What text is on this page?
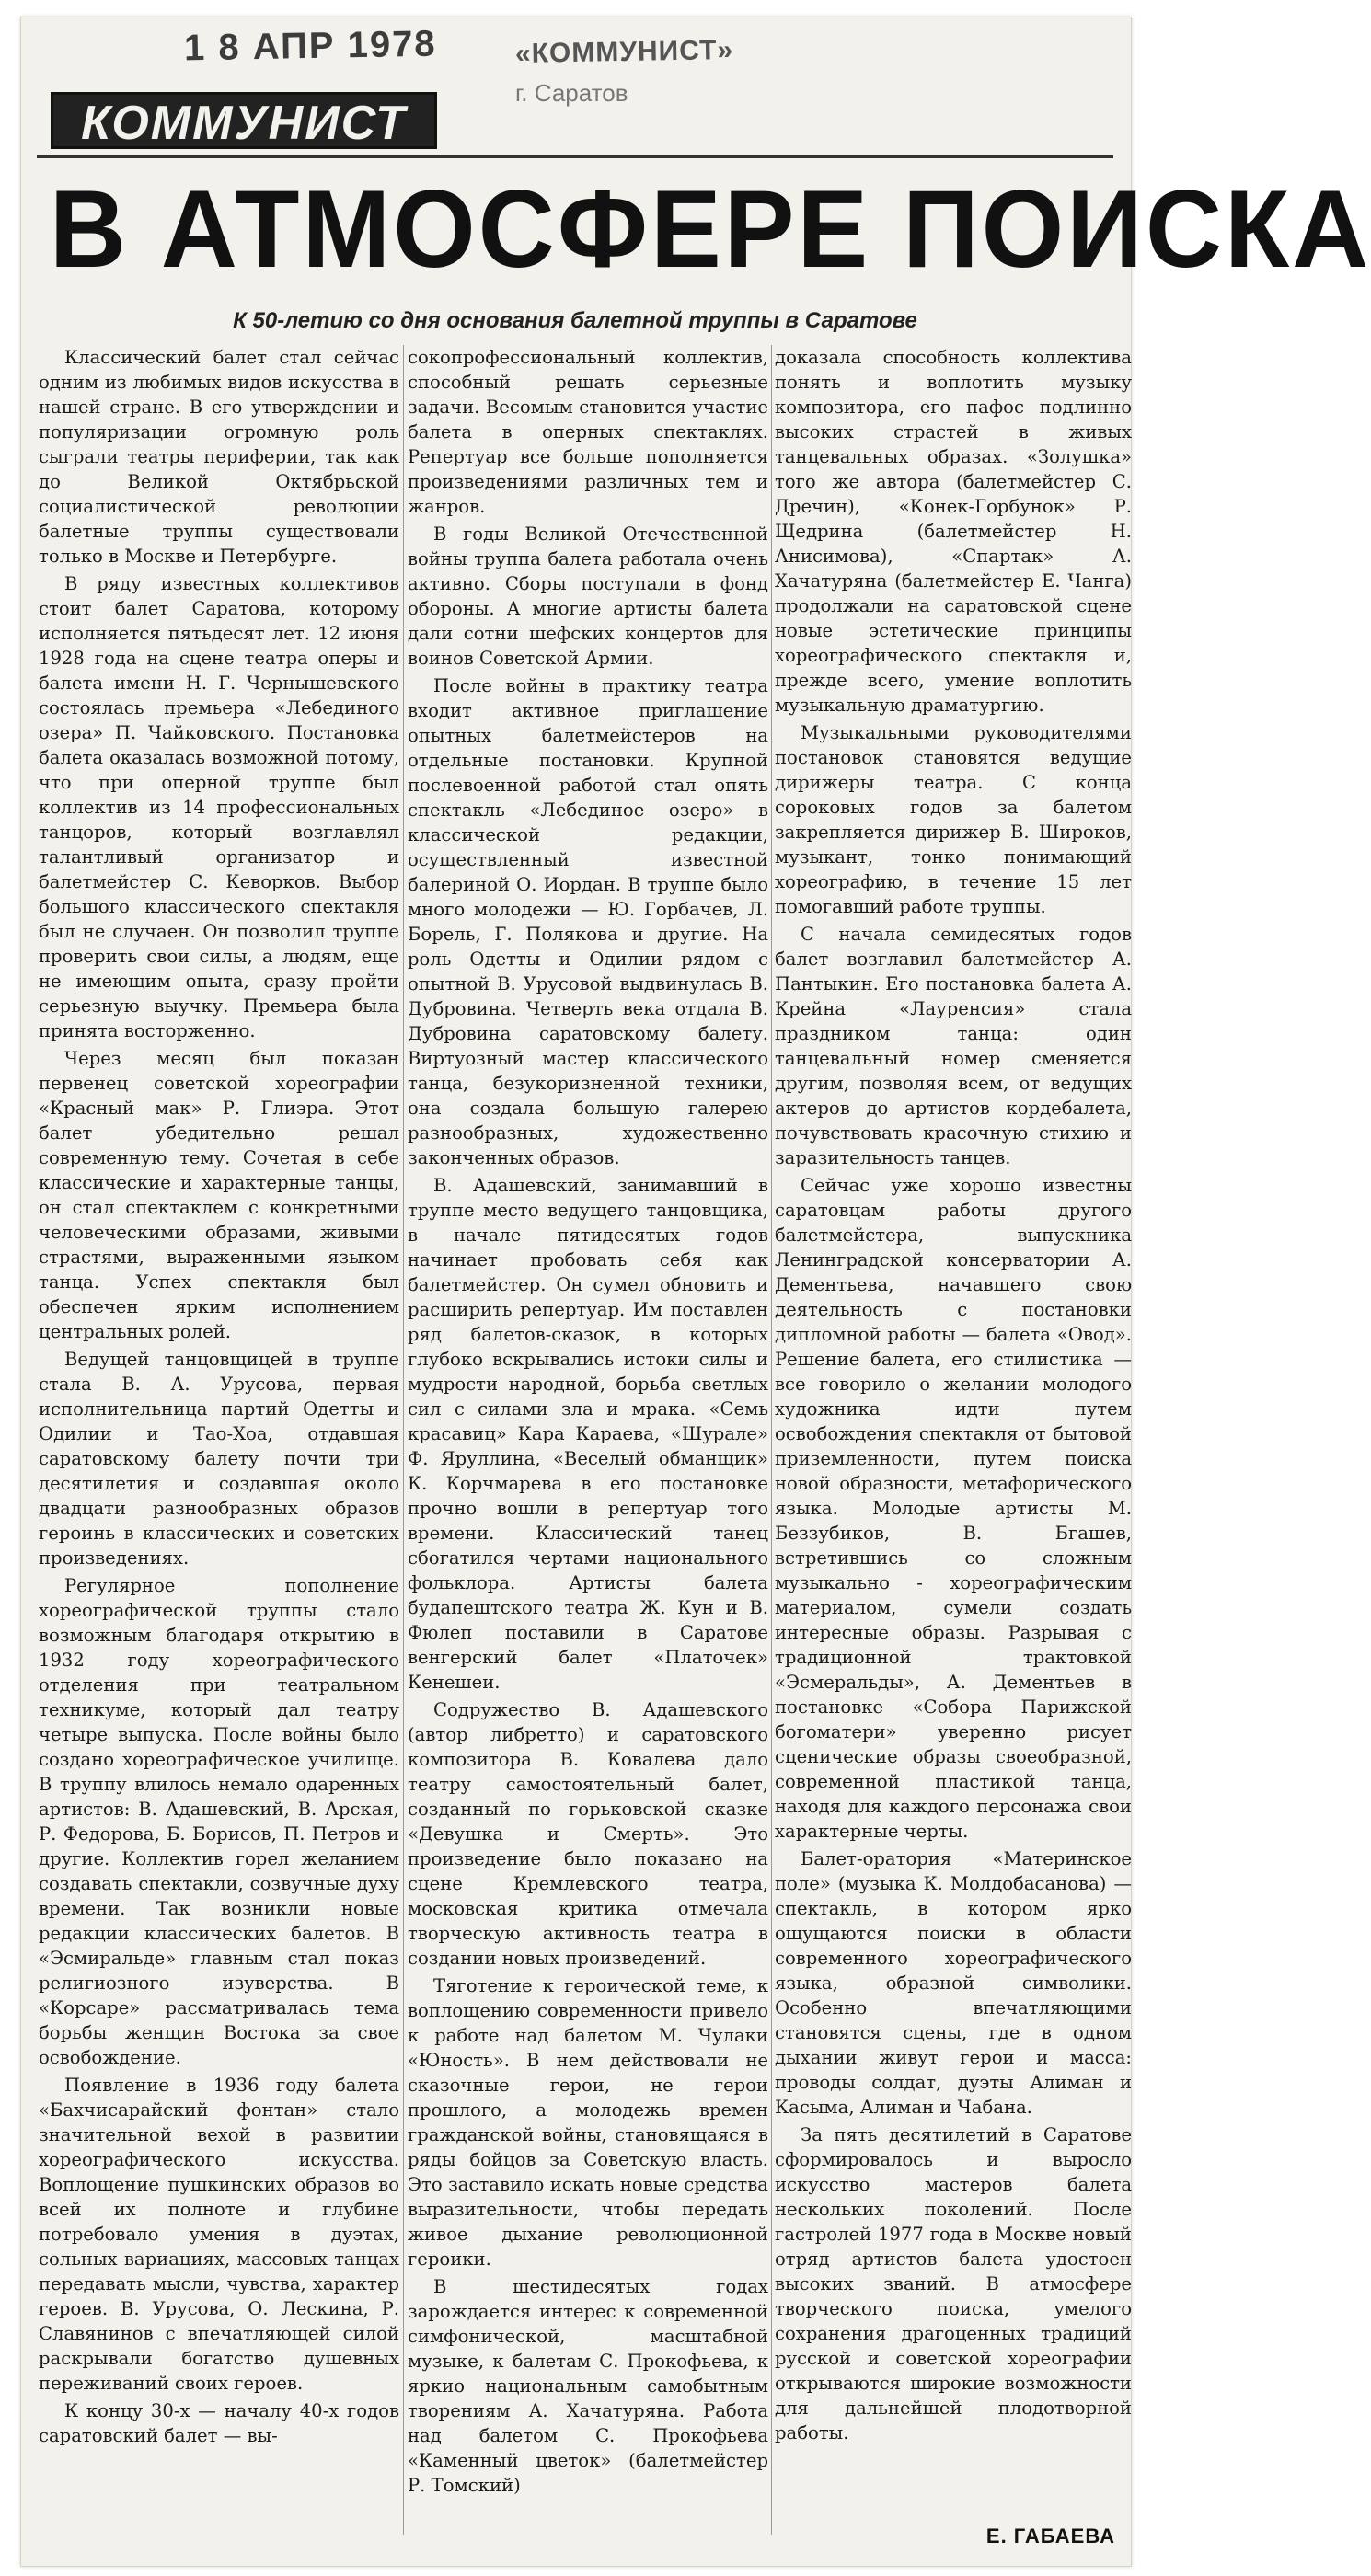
1 8 АПР 1978	«КОММУНИСТ»
г. Саратов
КОММУНИСТ
В АТМОСФЕРЕ ПОИСКА
К 50-летию со дня основания балетной труппы в Саратове

Классический балет стал сейчас одним из любимых видов искусства в нашей стране. В его утверждении и популяризации огромную роль сыграли театры периферии, так как до Великой Октябрьской социалистической революции балетные труппы существовали только в Москве и Петербурге.

В ряду известных коллективов стоит балет Саратова, которому исполняется пятьдесят лет. 12 июня 1928 года на сцене театра оперы и балета имени Н. Г. Чернышевского состоялась премьера «Лебединого озера» П. Чайковского. Постановка балета оказалась возможной потому, что при оперной труппе был коллектив из 14 профессиональных танцоров, который возглавлял талантливый организатор и балетмейстер С. Кеворков. Выбор большого классического спектакля был не случаен. Он позволил труппе проверить свои силы, а людям, еще не имеющим опыта, сразу пройти серьезную выучку. Премьера была принята восторженно.

Через месяц был показан первенец советской хореографии «Красный мак» Р. Глиэра. Этот балет убедительно решал современную тему. Сочетая в себе классические и характерные танцы, он стал спектаклем с конкретными человеческими образами, живыми страстями, выраженными языком танца. Успех спектакля был обеспечен ярким исполнением центральных ролей.

Ведущей танцовщицей в труппе стала В. А. Урусова, первая исполнительница партий Одетты и Одилии и Тао-Хоа, отдавшая саратовскому балету почти три десятилетия и создавшая около двадцати разнообразных образов героинь в классических и советских произведениях.

Регулярное пополнение хореографической труппы стало возможным благодаря открытию в 1932 году хореографического отделения при театральном техникуме, который дал театру четыре выпуска. После войны было создано хореографическое училище. В труппу влилось немало одаренных артистов: В. Адашевский, В. Арская, Р. Федорова, Б. Борисов, П. Петров и другие. Коллектив горел желанием создавать спектакли, созвучные духу времени. Так возникли новые редакции классических балетов. В «Эсмиральде» главным стал показ религиозного изуверства. В «Корсаре» рассматривалась тема борьбы женщин Востока за свое освобождение.

Появление в 1936 году балета «Бахчисарайский фонтан» стало значительной вехой в развитии хореографического искусства. Воплощение пушкинских образов во всей их полноте и глубине потребовало умения в дуэтах, сольных вариациях, массовых танцах передавать мысли, чувства, характер героев. В. Урусова, О. Лескина, Р. Славянинов с впечатляющей силой раскрывали богатство душевных переживаний своих героев.

К концу 30-х — началу 40-х годов саратовский балет — вы-

сокопрофессиональный коллектив, способный решать серьезные задачи. Весомым становится участие балета в оперных спектаклях. Репертуар все больше пополняется произведениями различных тем и жанров.

В годы Великой Отечественной войны труппа балета работала очень активно. Сборы поступали в фонд обороны. А многие артисты балета дали сотни шефских концертов для воинов Советской Армии.

После войны в практику театра входит активное приглашение опытных балетмейстеров на отдельные постановки. Крупной послевоенной работой стал опять спектакль «Лебединое озеро» в классической редакции, осуществленный известной балериной О. Иордан. В труппе было много молодежи — Ю. Горбачев, Л. Борель, Г. Полякова и другие. На роль Одетты и Одилии рядом с опытной В. Урусовой выдвинулась В. Дубровина. Четверть века отдала В. Дубровина саратовскому балету. Виртуозный мастер классического танца, безукоризненной техники, она создала большую галерею разнообразных, художественно законченных образов.

В. Адашевский, занимавший в труппе место ведущего танцовщика, в начале пятидесятых годов начинает пробовать себя как балетмейстер. Он сумел обновить и расширить репертуар. Им поставлен ряд балетов-сказок, в которых глубоко вскрывались истоки силы и мудрости народной, борьба светлых сил с силами зла и мрака. «Семь красавиц» Кара Караева, «Шурале» Ф. Яруллина, «Веселый обманщик» К. Корчмарева в его постановке прочно вошли в репертуар того времени. Классический танец сбогатился чертами национального фольклора. Артисты балета будапештского театра Ж. Кун и В. Фюлеп поставили в Саратове венгерский балет «Платочек» Кенешеи.

Содружество В. Адашевского (автор либретто) и саратовского композитора В. Ковалева дало театру самостоятельный балет, созданный по горьковской сказке «Девушка и Смерть». Это произведение было показано на сцене Кремлевского театра, московская критика отмечала творческую активность театра в создании новых произведений.

Тяготение к героической теме, к воплощению современности привело к работе над балетом М. Чулаки «Юность». В нем действовали не сказочные герои, не герои прошлого, а молодежь времен гражданской войны, становящаяся в ряды бойцов за Советскую власть. Это заставило искать новые средства выразительности, чтобы передать живое дыхание революционной героики.

В шестидесятых годах зарождается интерес к современной симфонической, масштабной музыке, к балетам С. Прокофьева, к яркио национальным самобытным творениям А. Хачатуряна. Работа над балетом С. Прокофьева «Каменный цветок» (балетмейстер Р. Томский)

доказала способность коллектива понять и воплотить музыку композитора, его пафос подлинно высоких страстей в живых танцевальных образах. «Золушка» того же автора (балетмейстер С. Дречин), «Конек-Горбунок» Р. Щедрина (балетмейстер Н. Анисимова), «Спартак» А. Хачатуряна (балетмейстер Е. Чанга) продолжали на саратовской сцене новые эстетические принципы хореографического спектакля и, прежде всего, умение воплотить музыкальную драматургию.

Музыкальными руководителями постановок становятся ведущие дирижеры театра. С конца сороковых годов за балетом закрепляется дирижер В. Широков, музыкант, тонко понимающий хореографию, в течение 15 лет помогавший работе труппы.

С начала семидесятых годов балет возглавил балетмейстер А. Пантыкин. Его постановка балета А. Крейна «Лауренсия» стала праздником танца: один танцевальный номер сменяется другим, позволяя всем, от ведущих актеров до артистов кордебалета, почувствовать красочную стихию и заразительность танцев.

Сейчас уже хорошо известны саратовцам работы другого балетмейстера, выпускника Ленинградской консерватории А. Дементьева, начавшего свою деятельность с постановки дипломной работы — балета «Овод». Решение балета, его стилистика — все говорило о желании молодого художника идти путем освобождения спектакля от бытовой приземленности, путем поиска новой образности, метафорического языка. Молодые артисты М. Беззубиков, В. Бгашев, встретившись со сложным музыкально - хореографическим материалом, сумели создать интересные образы. Разрывая с традиционной трактовкой «Эсмеральды», А. Дементьев в постановке «Собора Парижской богоматери» уверенно рисует сценические образы своеобразной, современной пластикой танца, находя для каждого персонажа свои характерные черты.

Балет-оратория «Материнское поле» (музыка К. Молдобасанова) — спектакль, в котором ярко ощущаются поиски в области современного хореографического языка, образной символики. Особенно впечатляющими становятся сцены, где в одном дыхании живут герои и масса: проводы солдат, дуэты Алиман и Касыма, Алиман и Чабана.

За пять десятилетий в Саратове сформировалось и выросло искусство мастеров балета нескольких поколений. После гастролей 1977 года в Москве новый отряд артистов балета удостоен высоких званий. В атмосфере творческого поиска, умелого сохранения драгоценных традиций русской и советской хореографии открываются широкие возможности для дальнейшей плодотворной работы.

Е. ГАБАЕВА
